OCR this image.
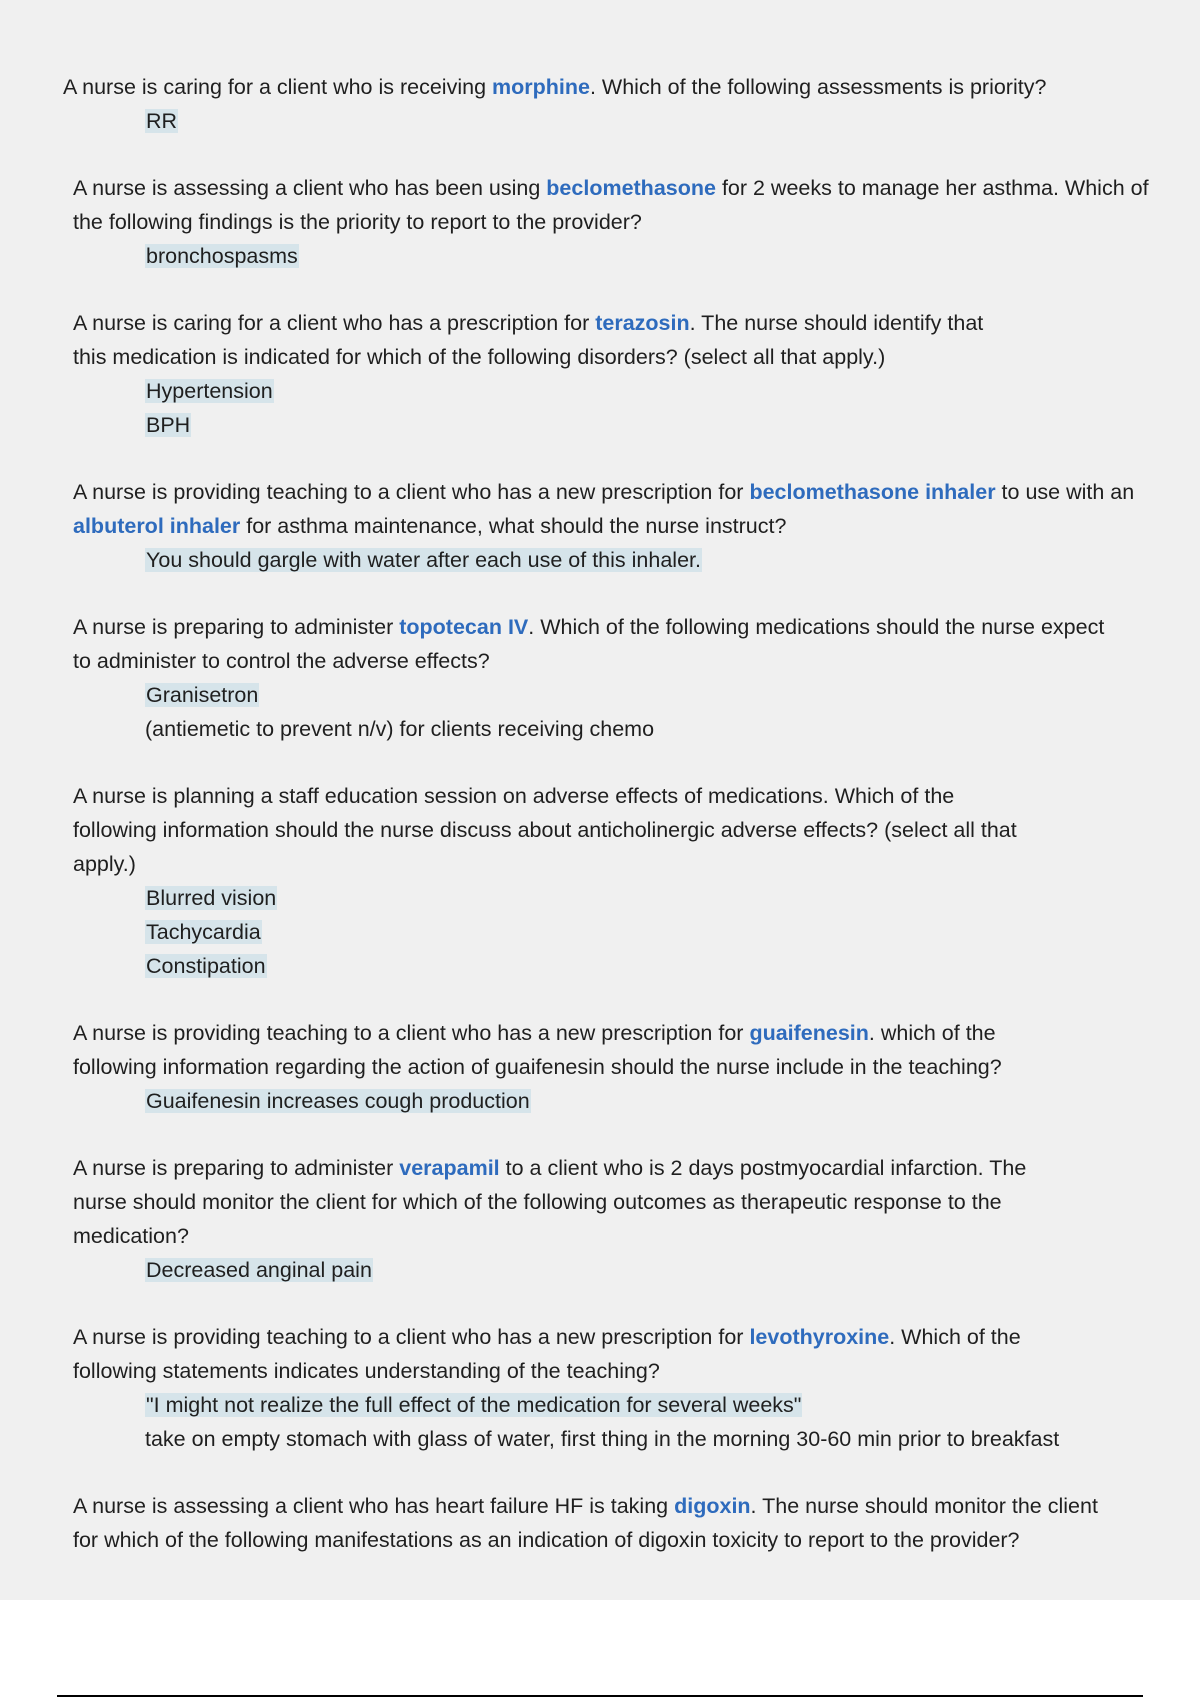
A nurse is caring for a client who is receiving morphine. Which of the following assessments is priority?
RR
A nurse is assessing a client who has been using beclomethasone for 2 weeks to manage her asthma. Which of
the following findings is the priority to report to the provider?
bronchospasms
A nurse is caring for a client who has a prescription for terazosin. The nurse should identify that
this medication is indicated for which of the following disorders? (select all that apply.)
Hypertension
BPH
A nurse is providing teaching to a client who has a new prescription for beclomethasone inhaler to use with an
albuterol inhaler for asthma maintenance, what should the nurse instruct?
You should gargle with water after each use of this inhaler.
A nurse is preparing to administer topotecan IV. Which of the following medications should the nurse expect
to administer to control the adverse effects?
Granisetron
(antiemetic to prevent n/v) for clients receiving chemo
A nurse is planning a staff education session on adverse effects of medications. Which of the
following information should the nurse discuss about anticholinergic adverse effects? (select all that
apply.)
Blurred vision
Tachycardia
Constipation
A nurse is providing teaching to a client who has a new prescription for guaifenesin. which of the
following information regarding the action of guaifenesin should the nurse include in the teaching?
Guaifenesin increases cough production
A nurse is preparing to administer verapamil to a client who is 2 days postmyocardial infarction. The
nurse should monitor the client for which of the following outcomes as therapeutic response to the
medication?
Decreased anginal pain
A nurse is providing teaching to a client who has a new prescription for levothyroxine. Which of the
following statements indicates understanding of the teaching?
"I might not realize the full effect of the medication for several weeks"
take on empty stomach with glass of water, first thing in the morning 30-60 min prior to breakfast
A nurse is assessing a client who has heart failure HF is taking digoxin. The nurse should monitor the client
for which of the following manifestations as an indication of digoxin toxicity to report to the provider?
